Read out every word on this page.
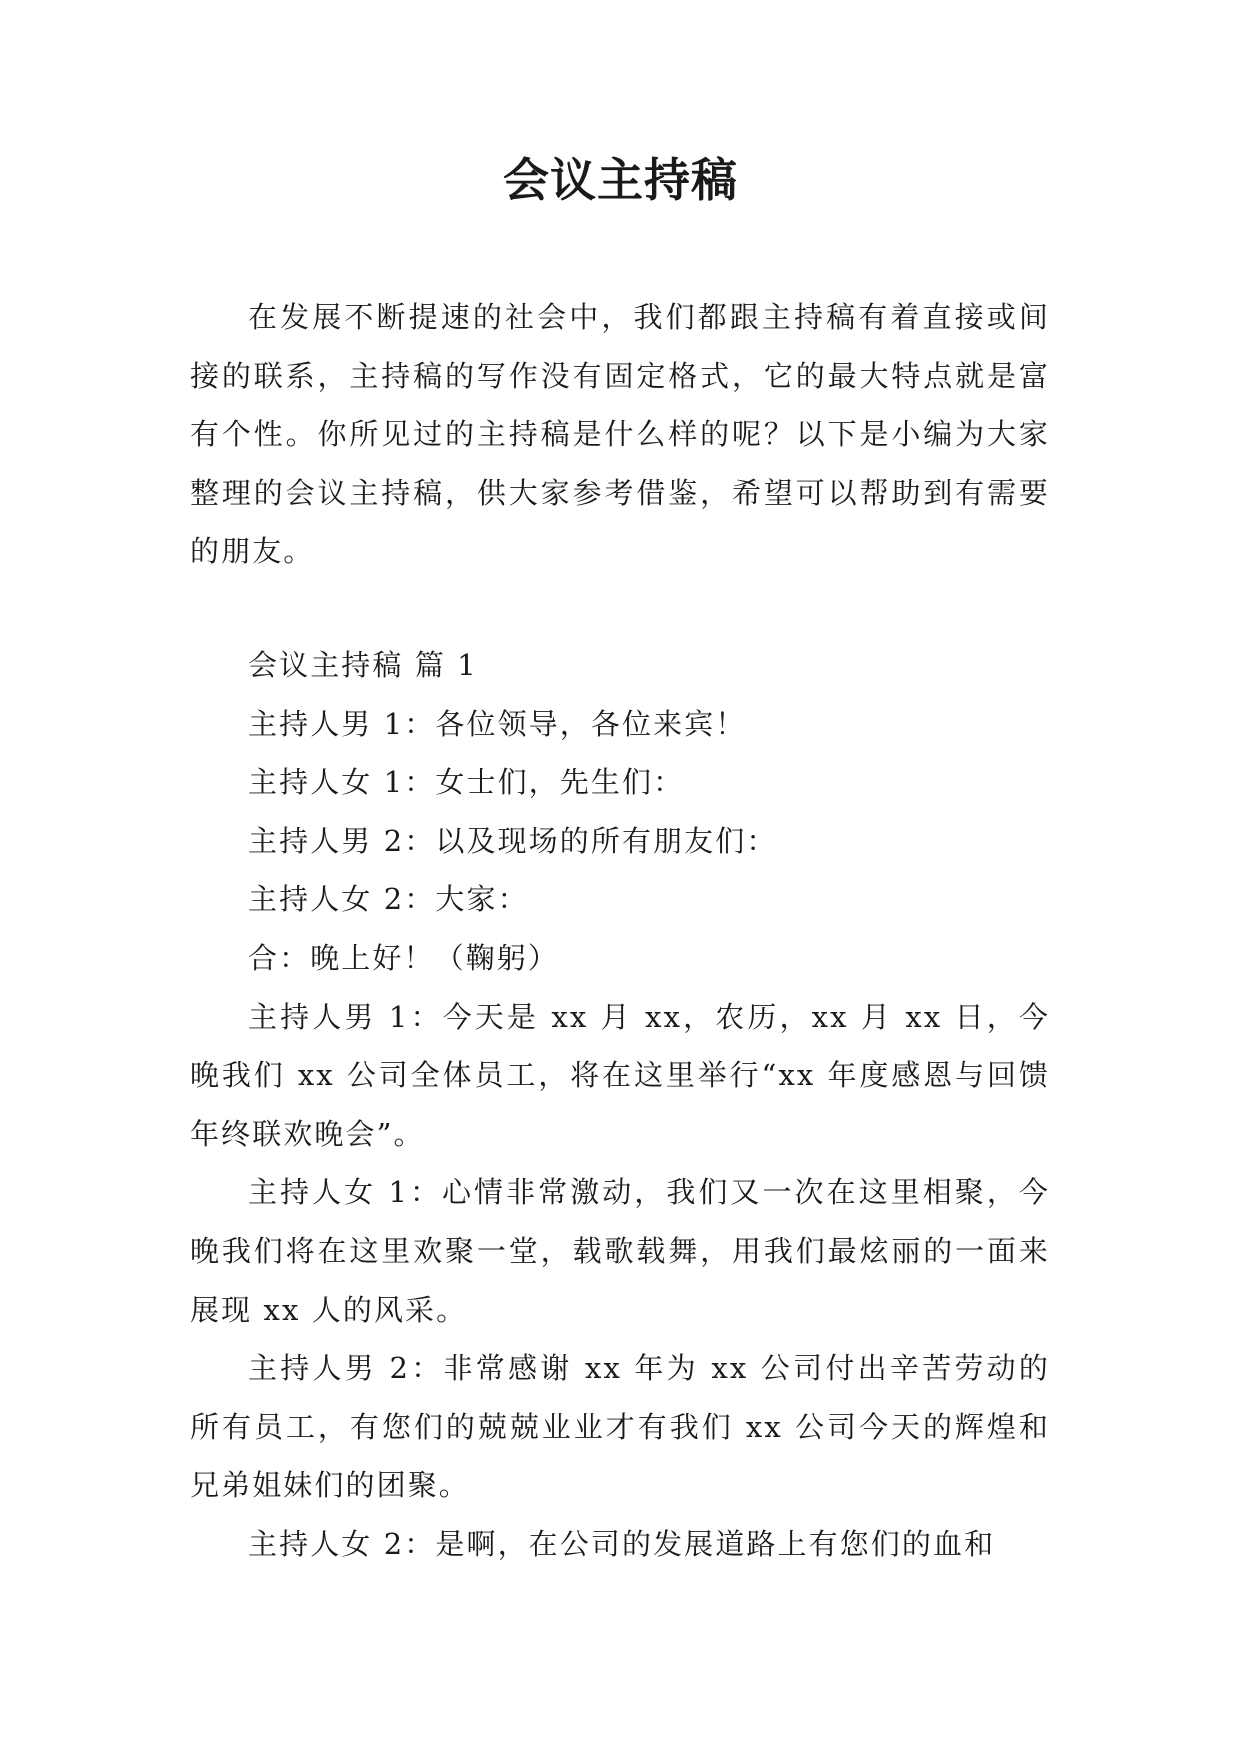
会议主持稿

在发展不断提速的社会中，我们都跟主持稿有着直接或间接的联系，主持稿的写作没有固定格式，它的最大特点就是富有个性。你所见过的主持稿是什么样的呢？以下是小编为大家整理的会议主持稿，供大家参考借鉴，希望可以帮助到有需要的朋友。

会议主持稿 篇 1

主持人男 1：各位领导，各位来宾！

主持人女 1：女士们，先生们：

主持人男 2：以及现场的所有朋友们：

主持人女 2：大家：

合：晚上好！（鞠躬）

主持人男 1：今天是 xx 月 xx，农历，xx 月 xx 日，今晚我们 xx 公司全体员工，将在这里举行“xx 年度感恩与回馈年终联欢晚会”。

主持人女 1：心情非常激动，我们又一次在这里相聚，今晚我们将在这里欢聚一堂，载歌载舞，用我们最炫丽的一面来展现 xx 人的风采。

主持人男 2：非常感谢 xx 年为 xx 公司付出辛苦劳动的所有员工，有您们的兢兢业业才有我们 xx 公司今天的辉煌和兄弟姐妹们的团聚。

主持人女 2：是啊，在公司的发展道路上有您们的血和
